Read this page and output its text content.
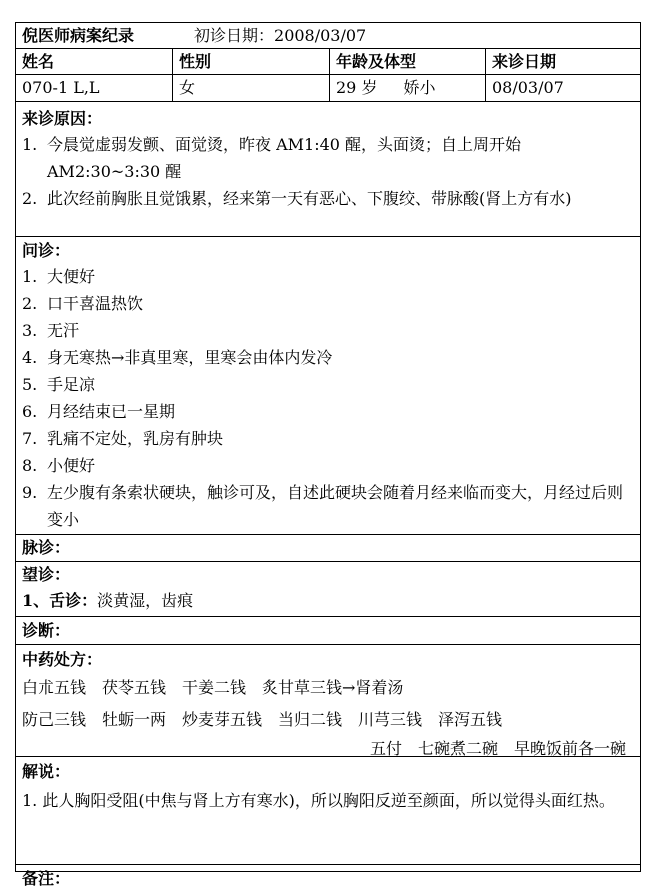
倪医师病案纪录	初诊日期：2008/03/07
姓名	性别	年龄及体型	来诊日期
070-1 L,L	女	29 岁 娇小	08/03/07
来诊原因：
1. 今晨觉虚弱发颤、面觉烫，昨夜 AM1:40 醒，头面烫；自上周开始 AM2:30~3:30 醒
2. 此次经前胸胀且觉饿累，经来第一天有恶心、下腹绞、带脉酸(肾上方有水)
问诊：
1. 大便好
2. 口干喜温热饮
3. 无汗
4. 身无寒热→非真里寒，里寒会由体内发冷
5. 手足凉
6. 月经结束已一星期
7. 乳痛不定处，乳房有肿块
8. 小便好
9. 左少腹有条索状硬块，触诊可及，自述此硬块会随着月经来临而变大，月经过后则变小
脉诊：
望诊：
1、舌诊：淡黄湿，齿痕
诊断：
中药处方：
白朮五钱　茯苓五钱　干姜二钱　炙甘草三钱→肾着汤
防己三钱　牡蛎一两　炒麦芽五钱　当归二钱　川芎三钱　泽泻五钱
五付　七碗煮二碗　早晚饭前各一碗
解说：
1. 此人胸阳受阻(中焦与肾上方有寒水)，所以胸阳反逆至颜面，所以觉得头面红热。
备注：
